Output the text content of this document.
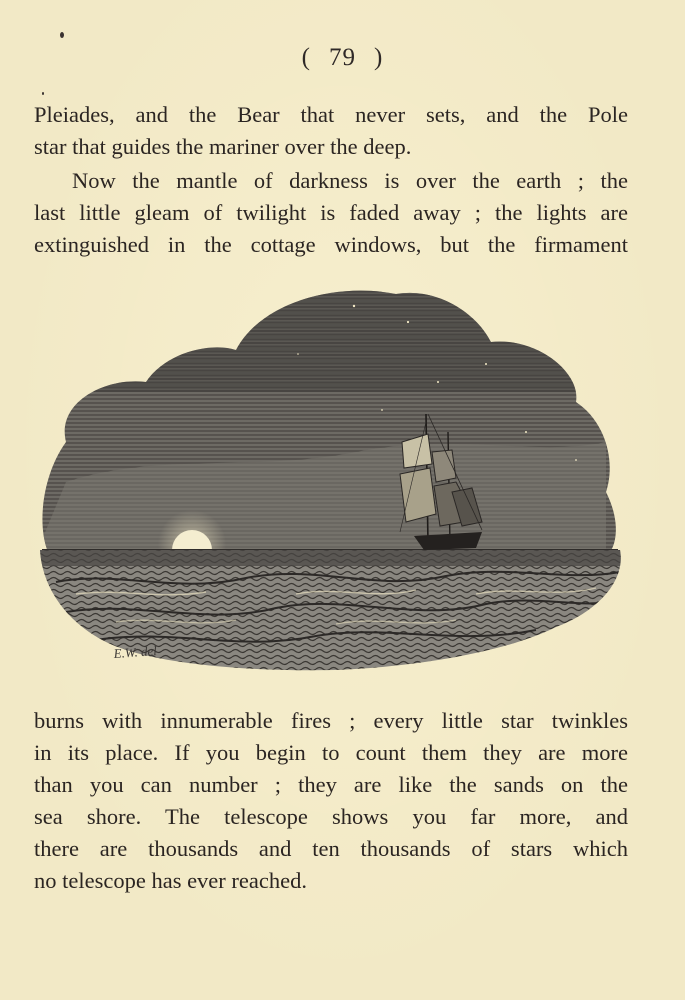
( 79 )
Pleiades, and the Bear that never sets, and the Pole
star that guides the mariner over the deep.
Now the mantle of darkness is over the earth ; the
last little gleam of twilight is faded away ; the lights are
extinguished in the cottage windows, but the firmament
E.W. del
burns with innumerable fires ; every little star twinkles
in its place. If you begin to count them they are more
than you can number ; they are like the sands on the
sea shore. The telescope shows you far more, and
there are thousands and ten thousands of stars which
no telescope has ever reached.
